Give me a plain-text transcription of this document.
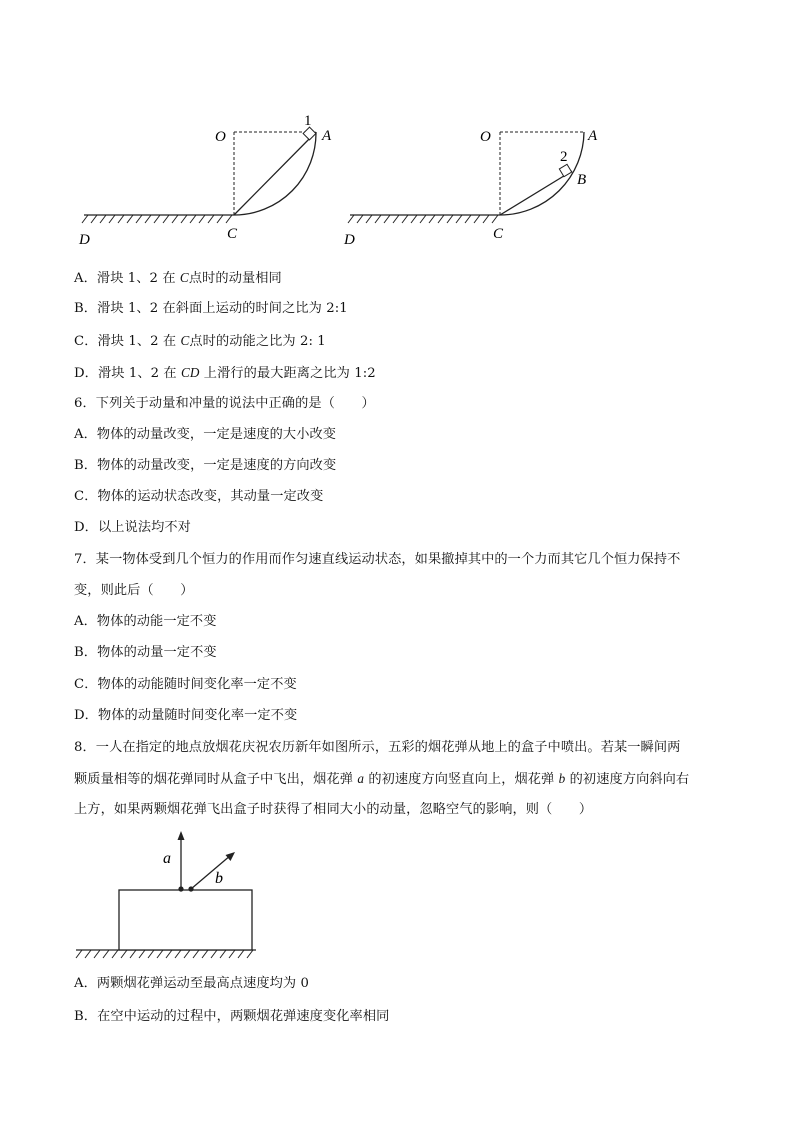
O	A
1
C
D
O	A
B
2
C
D
A．滑块 1、2 在 C点时的动量相同
B．滑块 1、2 在斜面上运动的时间之比为 2:1
C．滑块 1、2 在 C点时的动能之比为 2: 1
D．滑块 1、2 在 CD 上滑行的最大距离之比为 1:2
6．下列关于动量和冲量的说法中正确的是（　　）
A．物体的动量改变，一定是速度的大小改变
B．物体的动量改变，一定是速度的方向改变
C．物体的运动状态改变，其动量一定改变
D．以上说法均不对
7．某一物体受到几个恒力的作用而作匀速直线运动状态，如果撤掉其中的一个力而其它几个恒力保持不
变，则此后（　　）
A．物体的动能一定不变
B．物体的动量一定不变
C．物体的动能随时间变化率一定不变
D．物体的动量随时间变化率一定不变
8．一人在指定的地点放烟花庆祝农历新年如图所示，五彩的烟花弹从地上的盒子中喷出。若某一瞬间两
颗质量相等的烟花弹同时从盒子中飞出，烟花弹 a 的初速度方向竖直向上，烟花弹 b 的初速度方向斜向右
上方，如果两颗烟花弹飞出盒子时获得了相同大小的动量，忽略空气的影响，则（　　）
a
b
A．两颗烟花弹运动至最高点速度均为 0
B．在空中运动的过程中，两颗烟花弹速度变化率相同
